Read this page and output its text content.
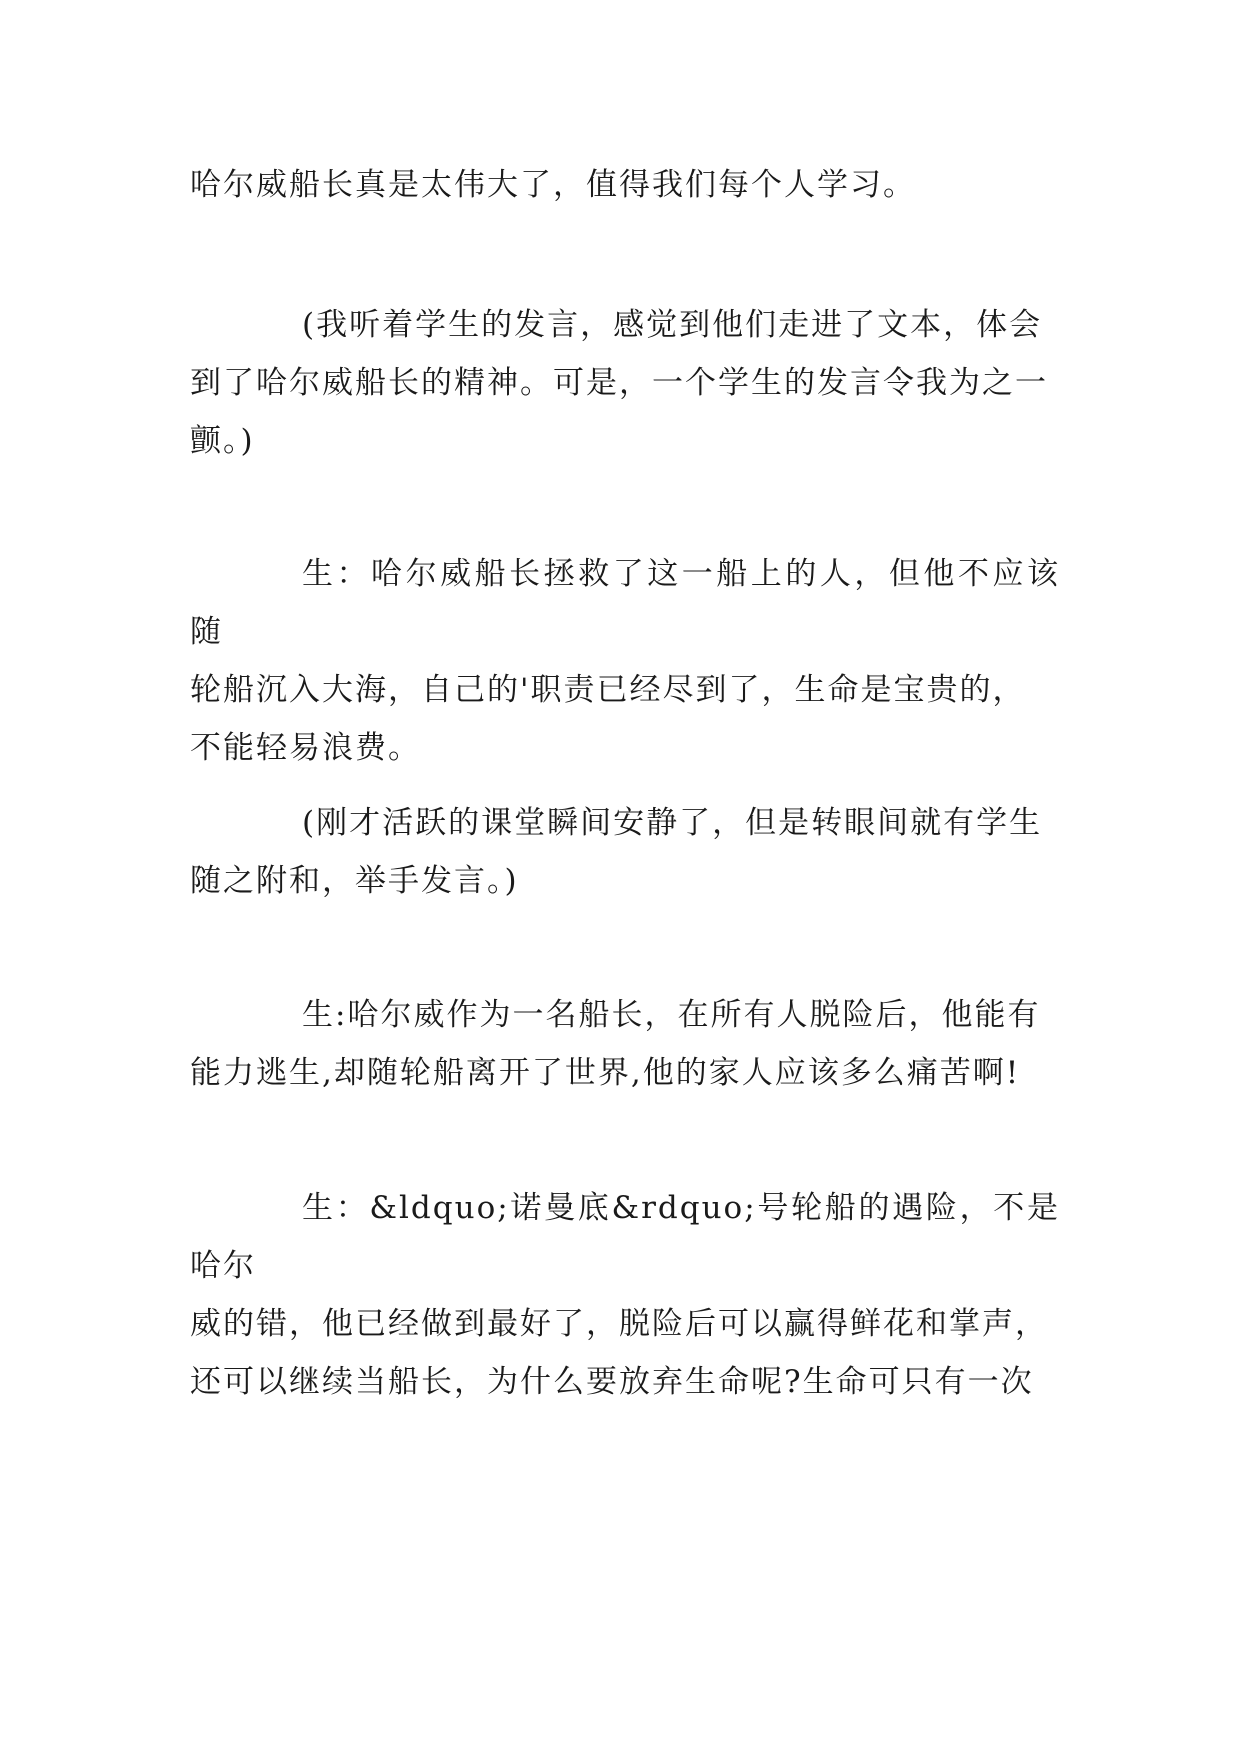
哈尔威船长真是太伟大了，值得我们每个人学习。

(我听着学生的发言，感觉到他们走进了文本，体会
到了哈尔威船长的精神。可是，一个学生的发言令我为之一
颤。)

生：哈尔威船长拯救了这一船上的人，但他不应该随
轮船沉入大海，自己的'职责已经尽到了，生命是宝贵的，
不能轻易浪费。

(刚才活跃的课堂瞬间安静了，但是转眼间就有学生
随之附和，举手发言。)

生:哈尔威作为一名船长，在所有人脱险后，他能有
能力逃生,却随轮船离开了世界,他的家人应该多么痛苦啊!

生：&ldquo;诺曼底&rdquo;号轮船的遇险，不是哈尔
威的错，他已经做到最好了，脱险后可以赢得鲜花和掌声，
还可以继续当船长，为什么要放弃生命呢?生命可只有一次
